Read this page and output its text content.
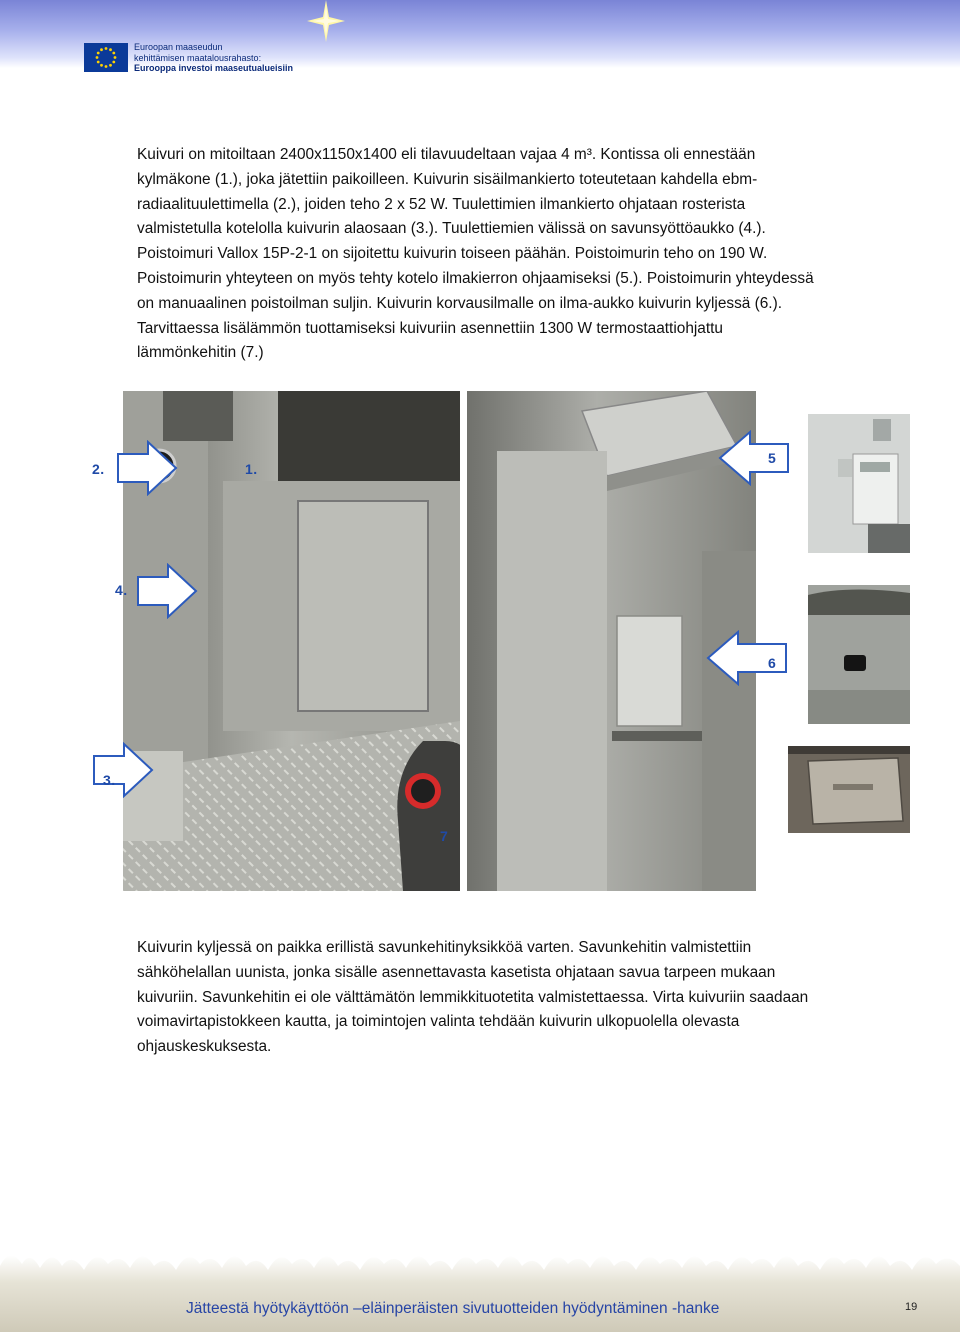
Euroopan maaseudun
kehittämisen maatalousrahasto:
Eurooppa investoi maaseutualueisiin
Kuivuri on mitoiltaan 2400x1150x1400 eli tilavuudeltaan vajaa 4 m³. Kontissa oli ennestään
kylmäkone (1.), joka jätettiin paikoilleen. Kuivurin sisäilmankierto toteutetaan kahdella ebm-
radiaalituulettimella (2.), joiden teho 2 x 52 W. Tuulettimien ilmankierto ohjataan rosterista
valmistetulla kotelolla kuivurin alaosaan (3.). Tuulettiemien välissä on savunsyöttöaukko (4.).
Poistoimuri Vallox 15P-2-1 on sijoitettu kuivurin toiseen päähän. Poistoimurin teho on 190 W.
Poistoimurin yhteyteen on myös tehty kotelo ilmakierron ohjaamiseksi (5.). Poistoimurin yhteydessä
on manuaalinen poistoilman suljin. Kuivurin korvausilmalle on ilma-aukko kuivurin kyljessä (6.).
Tarvittaessa lisälämmön tuottamiseksi kuivuriin asennettiin 1300 W termostaattiohjattu
lämmönkehitin (7.)
2.	1.
4.
3.
7
5
6
Kuivurin kyljessä on paikka erillistä savunkehitinyksikköä varten. Savunkehitin valmistettiin
sähköhelallan uunista, jonka sisälle asennettavasta kasetista ohjataan savua tarpeen mukaan
kuivuriin. Savunkehitin ei ole välttämätön lemmikkituotetita valmistettaessa. Virta kuivuriin saadaan
voimavirtapistokkeen kautta, ja toimintojen valinta tehdään kuivurin ulkopuolella olevasta
ohjauskeskuksesta.
Jätteestä hyötykäyttöön –eläinperäisten sivutuotteiden hyödyntäminen -hanke	19
